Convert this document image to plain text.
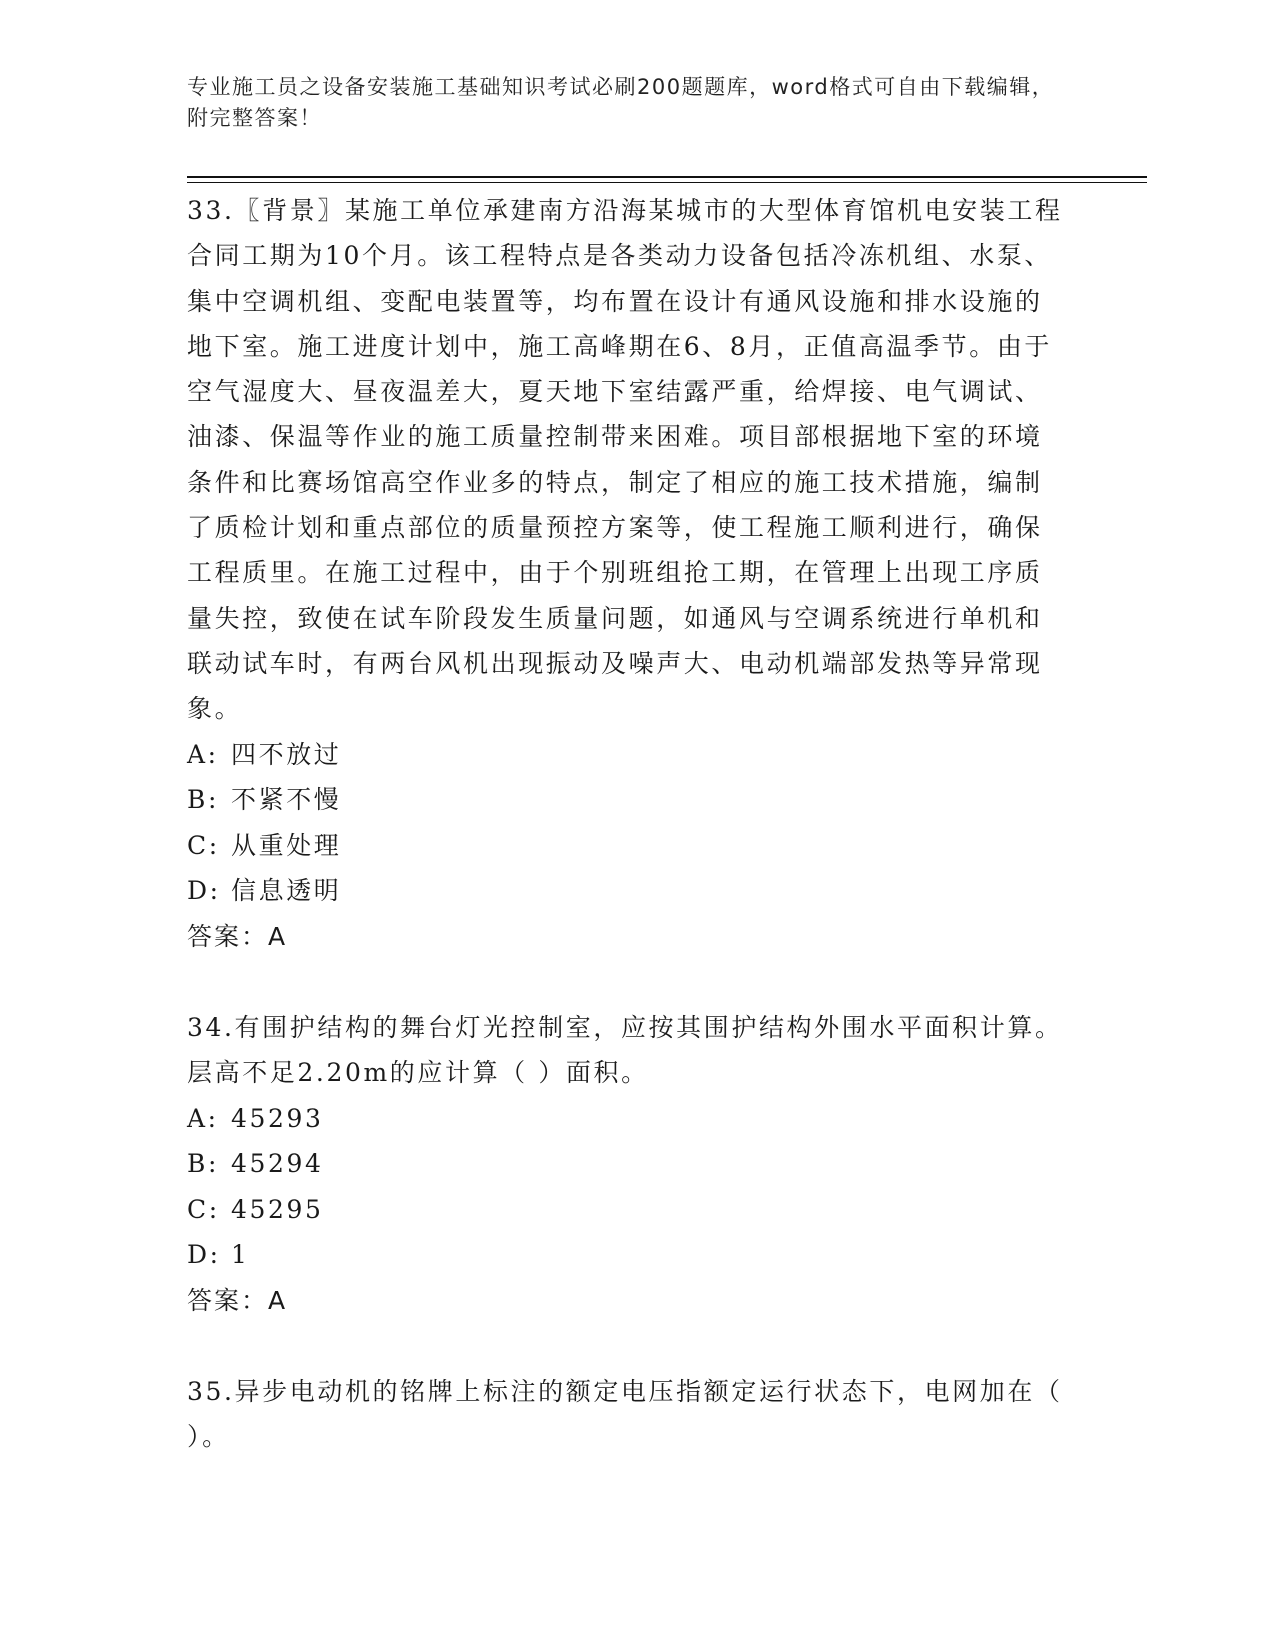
专业施工员之设备安装施工基础知识考试必刷200题题库，word格式可自由下载编辑，附完整答案！

33.〖背景〗某施工单位承建南方沿海某城市的大型体育馆机电安装工程合同工期为10个月。该工程特点是各类动力设备包括冷冻机组、水泵、集中空调机组、变配电装置等，均布置在设计有通风设施和排水设施的地下室。施工进度计划中，施工高峰期在6、8月，正值高温季节。由于空气湿度大、昼夜温差大，夏天地下室结露严重，给焊接、电气调试、油漆、保温等作业的施工质量控制带来困难。项目部根据地下室的环境条件和比赛场馆高空作业多的特点，制定了相应的施工技术措施，编制了质检计划和重点部位的质量预控方案等，使工程施工顺利进行，确保工程质里。在施工过程中，由于个别班组抢工期，在管理上出现工序质量失控，致使在试车阶段发生质量问题，如通风与空调系统进行单机和联动试车时，有两台风机出现振动及噪声大、电动机端部发热等异常现象。

A: 四不放过

B: 不紧不慢

C: 从重处理

D: 信息透明

答案：A

34.有围护结构的舞台灯光控制室，应按其围护结构外围水平面积计算。层高不足2.20m的应计算（ ）面积。

A: 45293

B: 45294

C: 45295

D: 1

答案：A

35.异步电动机的铭牌上标注的额定电压指额定运行状态下，电网加在（ ）。
